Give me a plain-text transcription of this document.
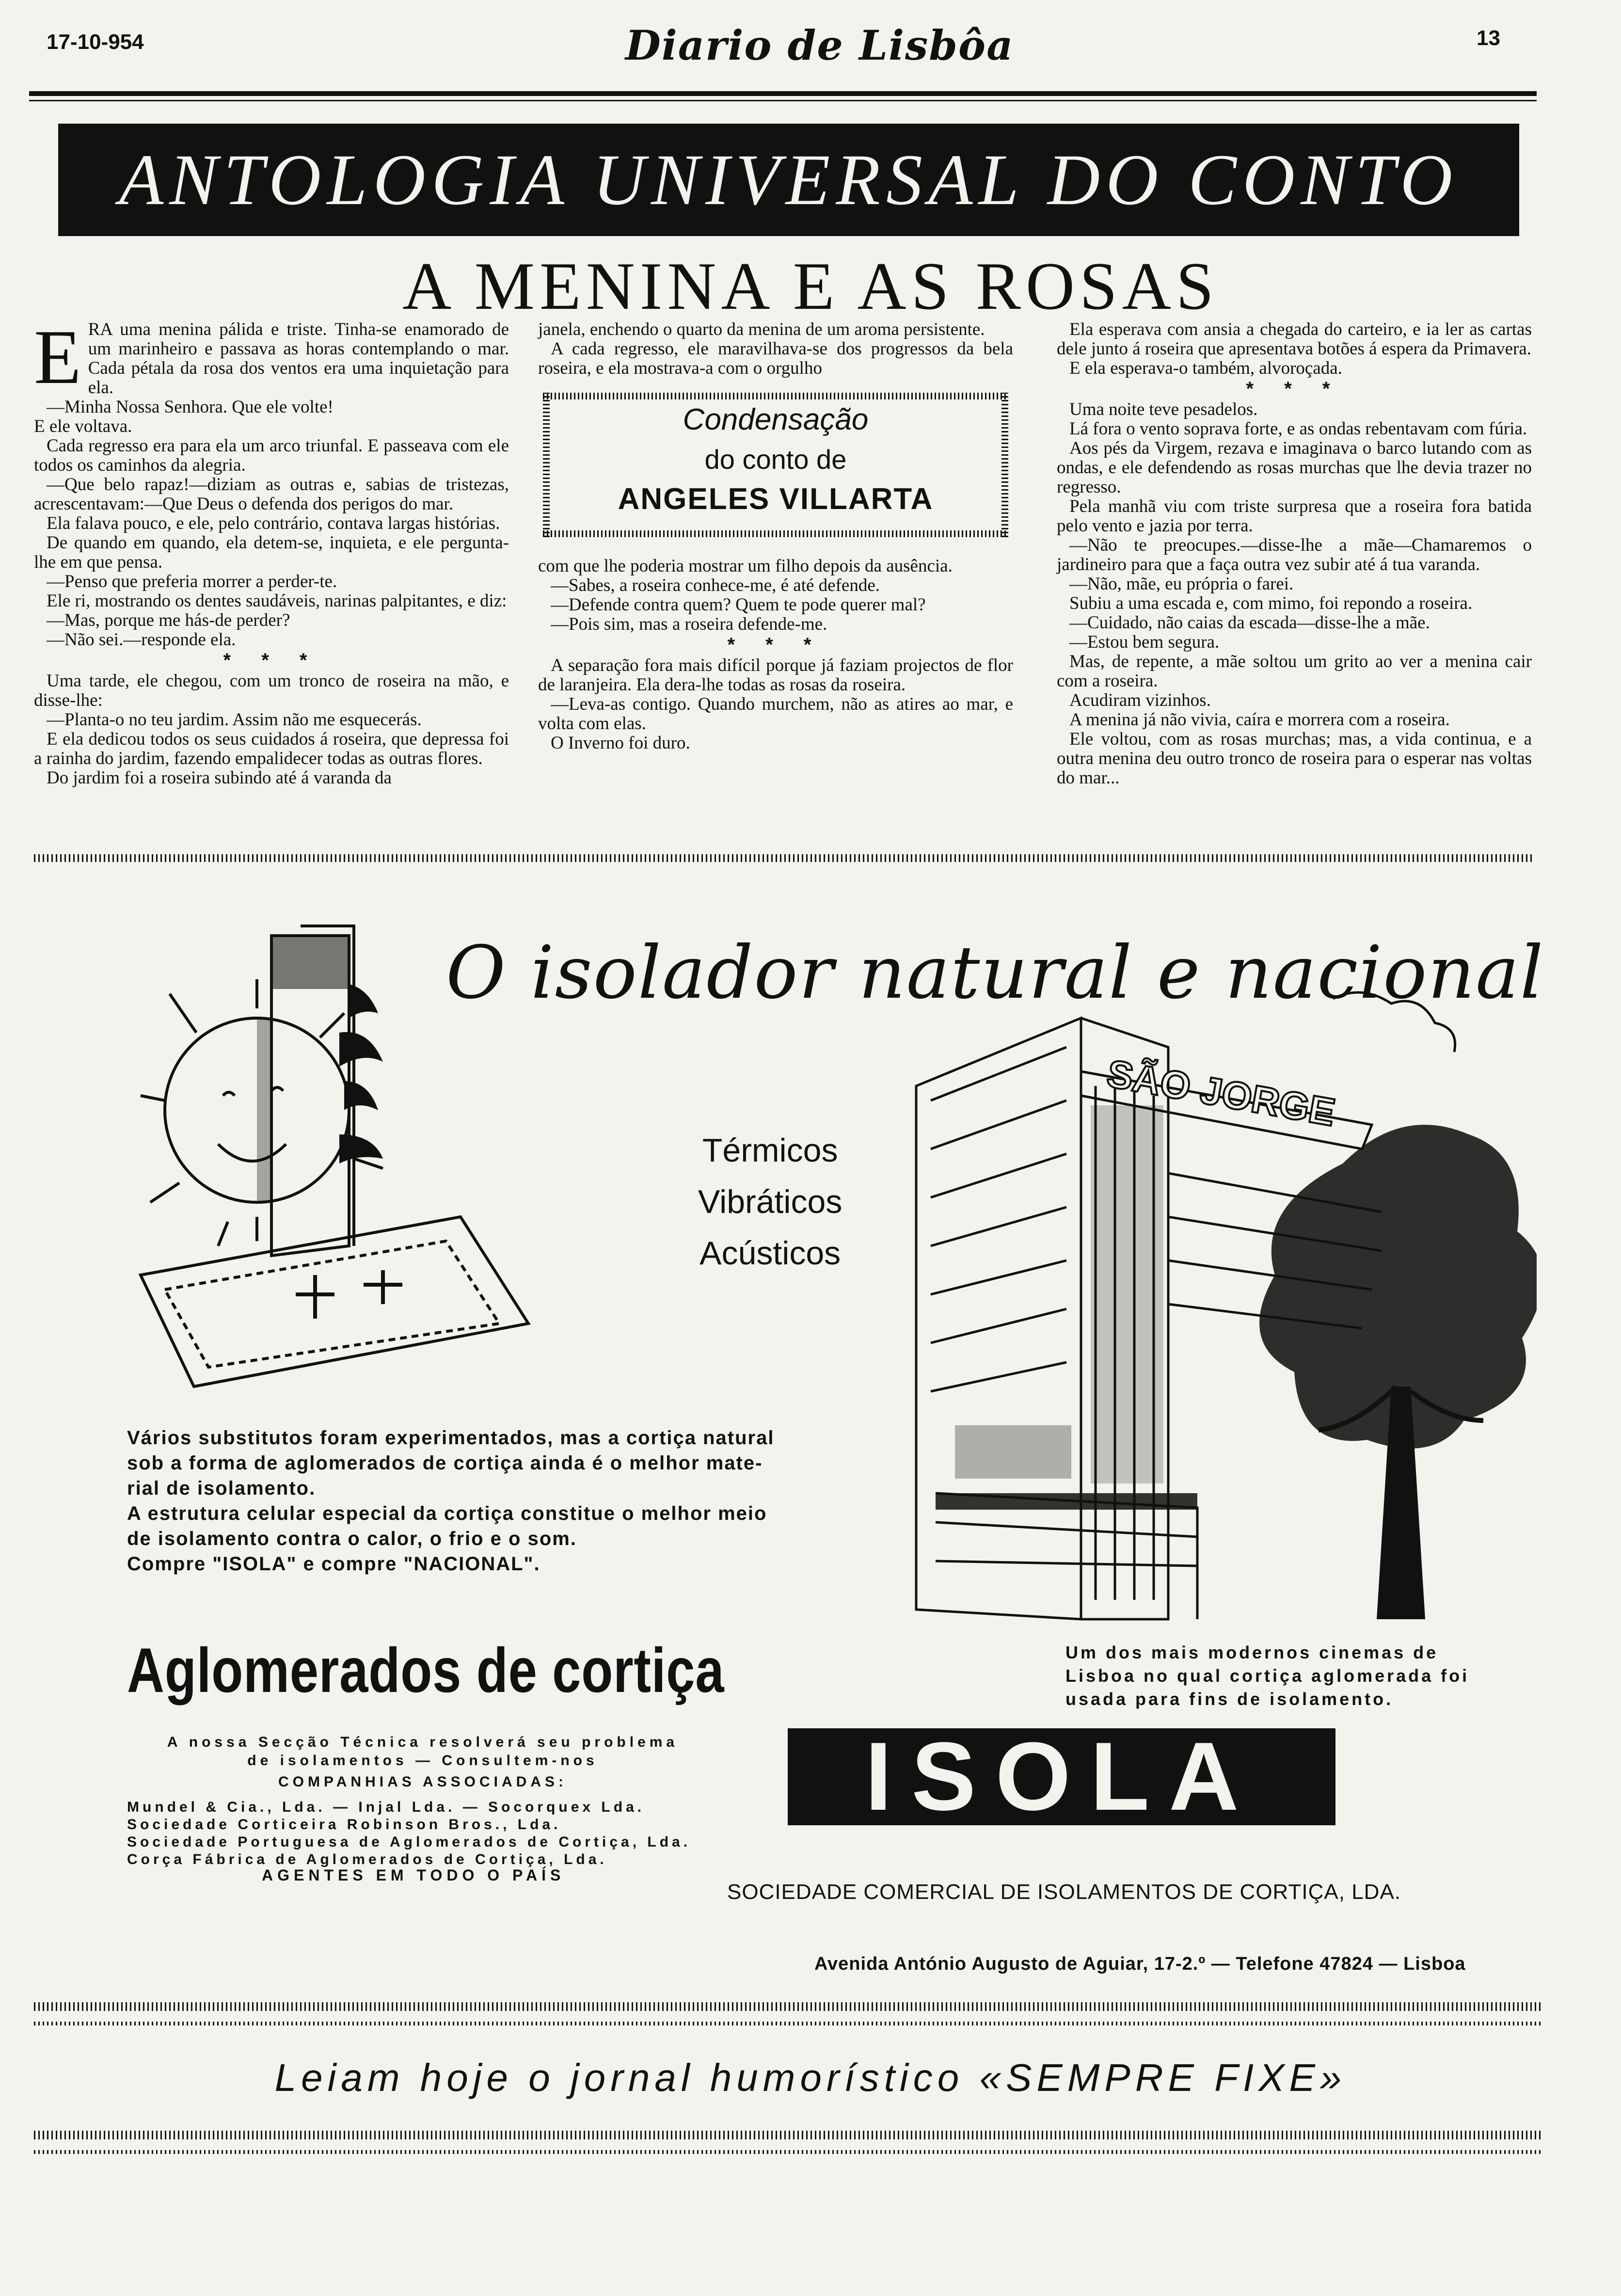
17-10-954	Diario de Lisbôa	13
ANTOLOGIA UNIVERSAL DO CONTO
A MENINA E AS ROSAS
E RA uma menina pálida e triste. Tinha-se enamorado de um marinheiro e passava as horas contemplando o mar. Cada pétala da rosa dos ventos era uma inquietação para ela.

—Minha Nossa Senhora. Que ele volte!

E ele voltava.

Cada regresso era para ela um arco triunfal. E passeava com ele todos os caminhos da alegria.

—Que belo rapaz!—diziam as outras e, sabias de tristezas, acrescentavam:—Que Deus o defenda dos perigos do mar.

Ela falava pouco, e ele, pelo contrário, contava largas histórias.

De quando em quando, ela detem-se, inquieta, e ele pergunta-lhe em que pensa.

—Penso que preferia morrer a perder-te.

Ele ri, mostrando os dentes saudáveis, narinas palpitantes, e diz:

—Mas, porque me hás-de perder?

—Não sei.—responde ela.

* * *

Uma tarde, ele chegou, com um tronco de roseira na mão, e disse-lhe:

—Planta-o no teu jardim. Assim não me esquecerás.

E ela dedicou todos os seus cuidados á roseira, que depressa foi a rainha do jardim, fazendo empalidecer todas as outras flores.

Do jardim foi a roseira subindo até á varanda da

janela, enchendo o quarto da menina de um aroma persistente.

A cada regresso, ele maravilhava-se dos progressos da bela roseira, e ela mostrava-a com o orgulho

Condensação
do conto de
ANGELES VILLARTA

com que lhe poderia mostrar um filho depois da ausência.

—Sabes, a roseira conhece-me, é até defende.

—Defende contra quem? Quem te pode querer mal?

—Pois sim, mas a roseira defende-me.

* * *

A separação fora mais difícil porque já faziam projectos de flor de laranjeira. Ela dera-lhe todas as rosas da roseira.

—Leva-as contigo. Quando murchem, não as atires ao mar, e volta com elas.

O Inverno foi duro.

Ela esperava com ansia a chegada do carteiro, e ia ler as cartas dele junto á roseira que apresentava botões á espera da Primavera.

E ela esperava-o também, alvoroçada.

* * *

Uma noite teve pesadelos.

Lá fora o vento soprava forte, e as ondas rebentavam com fúria.

Aos pés da Virgem, rezava e imaginava o barco lutando com as ondas, e ele defendendo as rosas murchas que lhe devia trazer no regresso.

Pela manhã viu com triste surpresa que a roseira fora batida pelo vento e jazia por terra.

—Não te preocupes.—disse-lhe a mãe—Chamaremos o jardineiro para que a faça outra vez subir até á tua varanda.

—Não, mãe, eu própria o farei.

Subiu a uma escada e, com mimo, foi repondo a roseira.

—Cuidado, não caias da escada—disse-lhe a mãe.

—Estou bem segura.

Mas, de repente, a mãe soltou um grito ao ver a menina cair com a roseira.

Acudiram vizinhos.

A menina já não vivia, caíra e morrera com a roseira.

Ele voltou, com as rosas murchas; mas, a vida continua, e a outra menina deu outro tronco de roseira para o esperar nas voltas do mar...

O isolador natural e nacional
Térmicos
Vibráticos
Acústicos
SÃO JORGE
Vários substitutos foram experimentados, mas a cortiça natural
sob a forma de aglomerados de cortiça ainda é o melhor mate-
rial de isolamento.
A estrutura celular especial da cortiça constitue o melhor meio
de isolamento contra o calor, o frio e o som.
Compre "ISOLA" e compre "NACIONAL".
Aglomerados de cortiça
A nossa Secção Técnica resolverá seu problema
de isolamentos — Consultem-nos
COMPANHIAS ASSOCIADAS:
Mundel & Cia., Lda. — Injal Lda. — Socorquex Lda.
Sociedade Corticeira Robinson Bros., Lda.
Sociedade Portuguesa de Aglomerados de Cortiça, Lda.
Corça Fábrica de Aglomerados de Cortiça, Lda.
AGENTES EM TODO O PAÍS
Um dos mais modernos cinemas de Lisboa no qual cortiça aglomerada foi usada para fins de isolamento.
ISOLA
SOCIEDADE COMERCIAL DE ISOLAMENTOS DE CORTIÇA, LDA.
Avenida António Augusto de Aguiar, 17-2.º — Telefone 47824 — Lisboa
Leiam hoje o jornal humorístico «SEMPRE FIXE»
